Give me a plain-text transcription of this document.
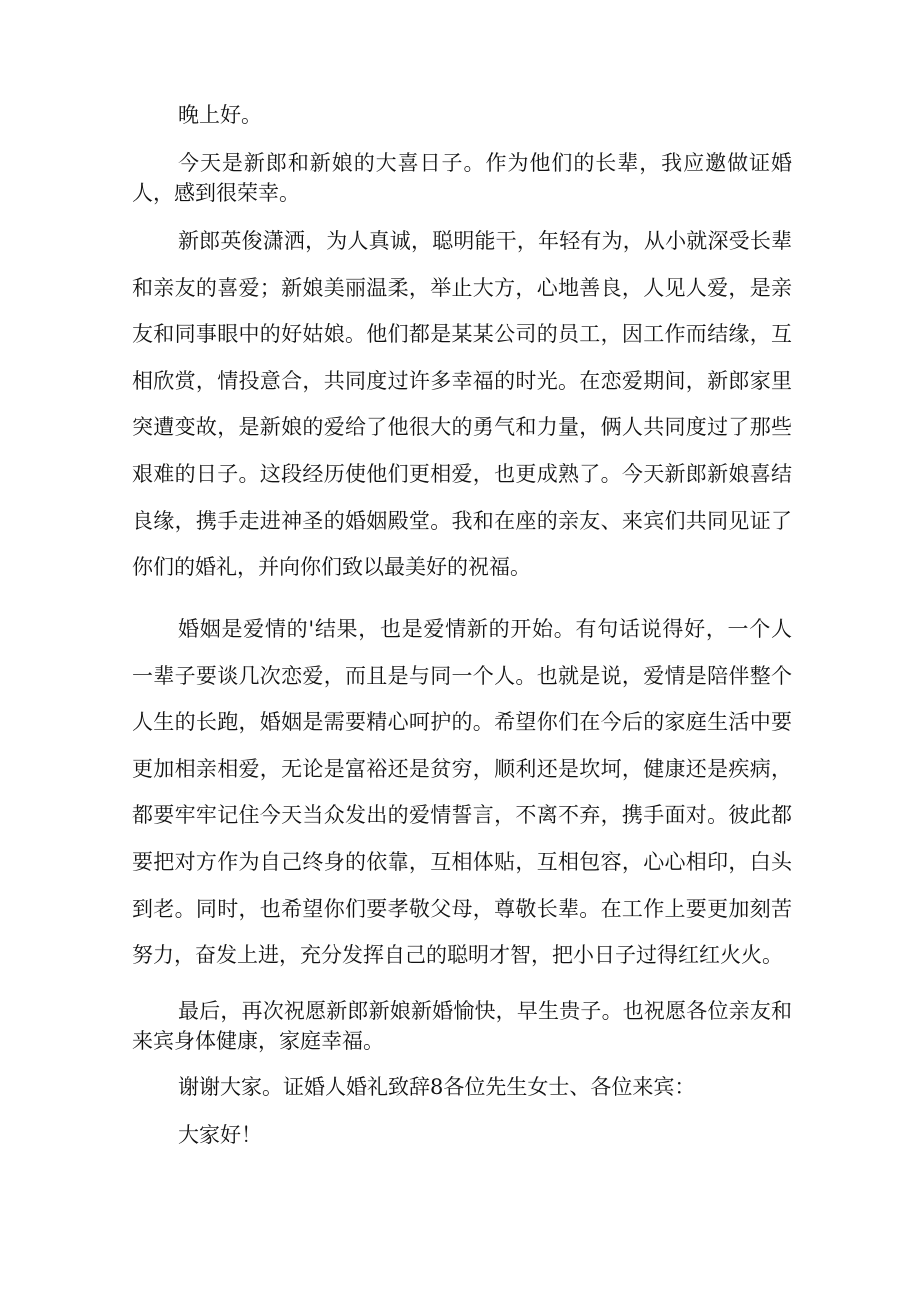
晚上好。

今天是新郎和新娘的大喜日子。作为他们的长辈，我应邀做证婚人，感到很荣幸。

新郎英俊潇洒，为人真诚，聪明能干，年轻有为，从小就深受长辈和亲友的喜爱；新娘美丽温柔，举止大方，心地善良，人见人爱，是亲友和同事眼中的好姑娘。他们都是某某公司的员工，因工作而结缘，互相欣赏，情投意合，共同度过许多幸福的时光。在恋爱期间，新郎家里突遭变故，是新娘的爱给了他很大的勇气和力量，俩人共同度过了那些艰难的日子。这段经历使他们更相爱，也更成熟了。今天新郎新娘喜结良缘，携手走进神圣的婚姻殿堂。我和在座的亲友、来宾们共同见证了你们的婚礼，并向你们致以最美好的祝福。

婚姻是爱情的'结果，也是爱情新的开始。有句话说得好，一个人一辈子要谈几次恋爱，而且是与同一个人。也就是说，爱情是陪伴整个人生的长跑，婚姻是需要精心呵护的。希望你们在今后的家庭生活中要更加相亲相爱，无论是富裕还是贫穷，顺利还是坎坷，健康还是疾病，都要牢牢记住今天当众发出的爱情誓言，不离不弃，携手面对。彼此都要把对方作为自己终身的依靠，互相体贴，互相包容，心心相印，白头到老。同时，也希望你们要孝敬父母，尊敬长辈。在工作上要更加刻苦努力，奋发上进，充分发挥自己的聪明才智，把小日子过得红红火火。

最后，再次祝愿新郎新娘新婚愉快，早生贵子。也祝愿各位亲友和来宾身体健康，家庭幸福。

谢谢大家。证婚人婚礼致辞8各位先生女士、各位来宾：

大家好！
